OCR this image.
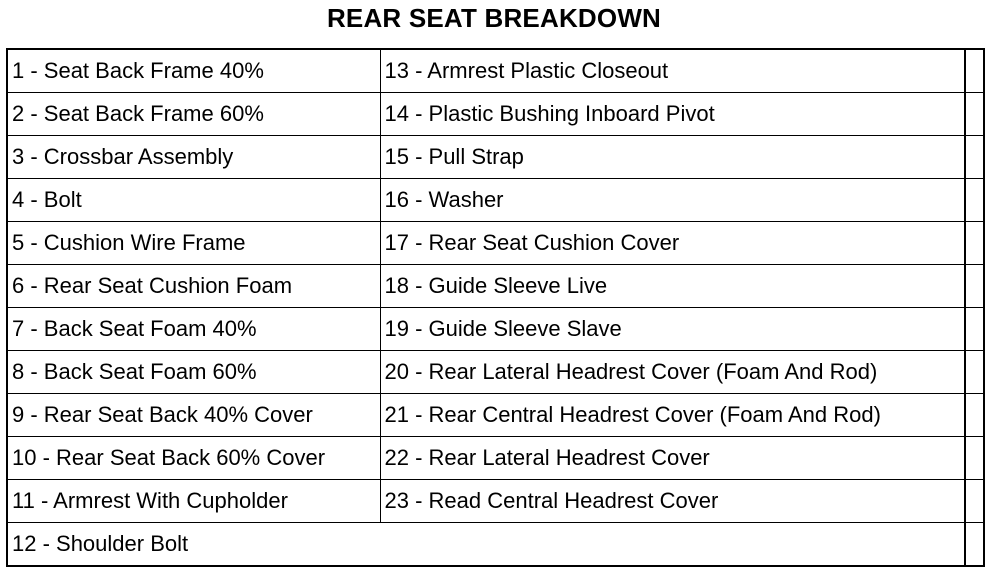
REAR SEAT BREAKDOWN
1 - Seat Back Frame 40%	13 - Armrest Plastic Closeout	
2 - Seat Back Frame 60%	14 - Plastic Bushing Inboard Pivot	
3 - Crossbar Assembly	15 - Pull Strap	
4 - Bolt	16 - Washer	
5 - Cushion Wire Frame	17 - Rear Seat Cushion Cover	
6 - Rear Seat Cushion Foam	18 - Guide Sleeve Live	
7 - Back Seat Foam 40%	19 - Guide Sleeve Slave	
8 - Back Seat Foam 60%	20 - Rear Lateral Headrest Cover (Foam And Rod)	
9 - Rear Seat Back 40% Cover	21 - Rear Central Headrest Cover (Foam And Rod)	
10 - Rear Seat Back 60% Cover	22 - Rear Lateral Headrest Cover	
11 - Armrest With Cupholder	23 - Read Central Headrest Cover	
12 - Shoulder Bolt		
